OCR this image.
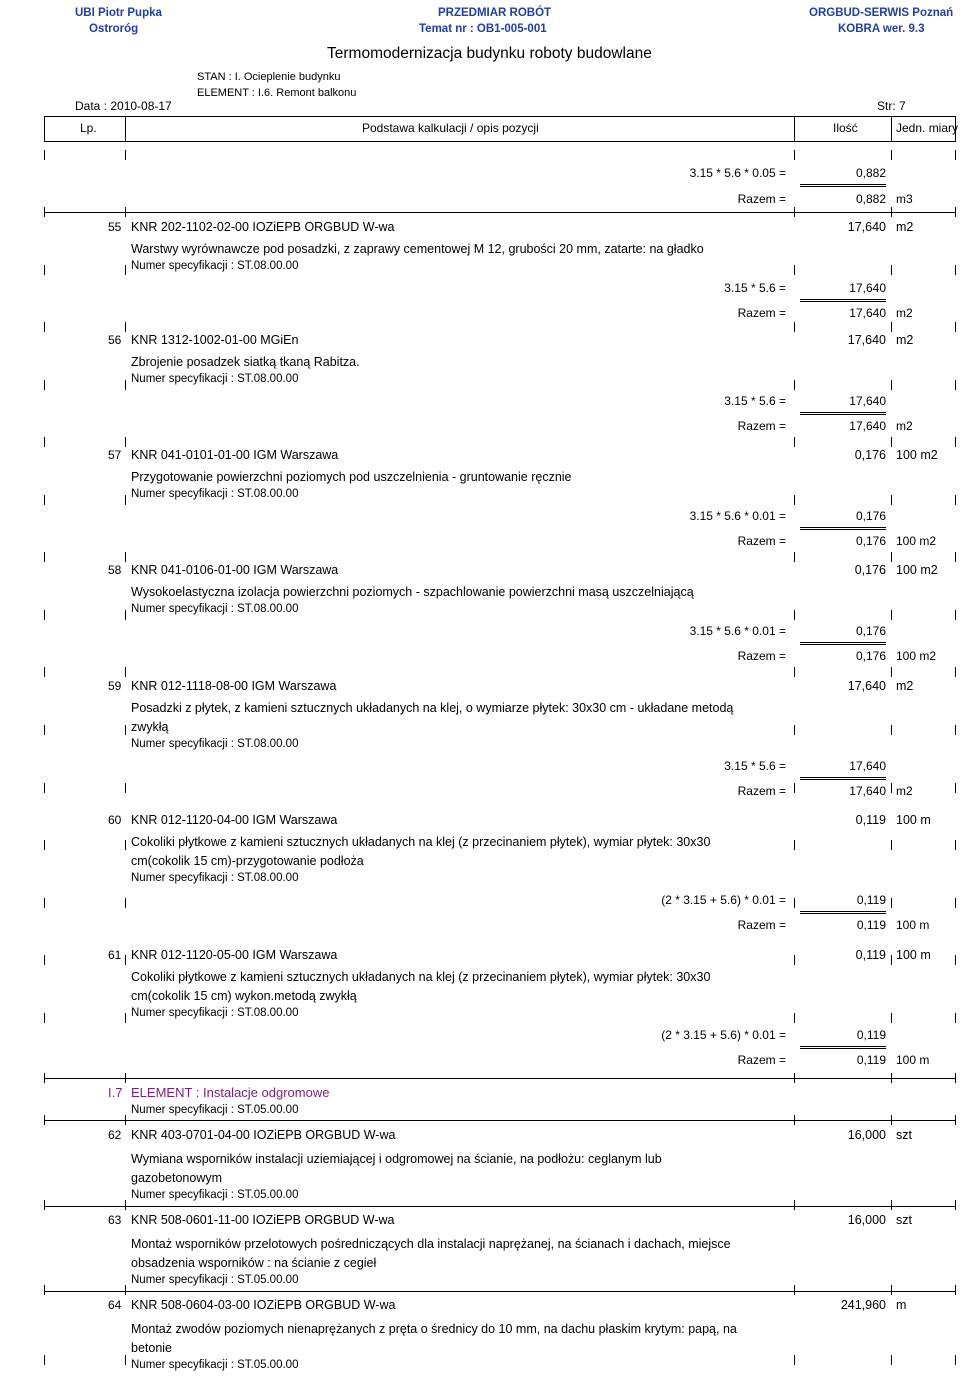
UBI Piotr Pupka
Ostroróg
PRZEDMIAR ROBÓT
Temat nr : OB1-005-001
ORGBUD-SERWIS Poznań
KOBRA wer. 9.3
Termomodernizacja budynku roboty budowlane
STAN : I. Ocieplenie budynku
ELEMENT : I.6. Remont balkonu
Data : 2010-08-17	Str: 7
Lp.	Podstawa kalkulacji / opis pozycji	Ilość	Jedn. miary
3.15 * 5.6 * 0.05 =	0,882
Razem =	0,882 m3
55 KNR 202-1102-02-00 IOZiEPB ORGBUD W-wa	17,640 m2
Warstwy wyrównawcze pod posadzki, z zaprawy cementowej M 12, grubości 20 mm, zatarte: na gładko
Numer specyfikacji : ST.08.00.00
3.15 * 5.6 =	17,640
Razem =	17,640 m2
56 KNR 1312-1002-01-00 MGiEn	17,640 m2
Zbrojenie posadzek siatką tkaną Rabitza.
Numer specyfikacji : ST.08.00.00
3.15 * 5.6 =	17,640
Razem =	17,640 m2
57 KNR 041-0101-01-00 IGM Warszawa	0,176 100 m2
Przygotowanie powierzchni poziomych pod uszczelnienia - gruntowanie ręcznie
Numer specyfikacji : ST.08.00.00
3.15 * 5.6 * 0.01 =	0,176
Razem =	0,176 100 m2
58 KNR 041-0106-01-00 IGM Warszawa	0,176 100 m2
Wysokoelastyczna izolacja powierzchni poziomych - szpachlowanie powierzchni masą uszczelniającą
Numer specyfikacji : ST.08.00.00
3.15 * 5.6 * 0.01 =	0,176
Razem =	0,176 100 m2
59 KNR 012-1118-08-00 IGM Warszawa	17,640 m2
Posadzki z płytek, z kamieni sztucznych układanych na klej, o wymiarze płytek: 30x30 cm - układane metodą
zwykłą
Numer specyfikacji : ST.08.00.00
3.15 * 5.6 =	17,640
Razem =	17,640 m2
60 KNR 012-1120-04-00 IGM Warszawa	0,119 100 m
Cokoliki płytkowe z kamieni sztucznych układanych na klej (z przecinaniem płytek), wymiar płytek: 30x30
cm(cokolik 15 cm)-przygotowanie podłoża
Numer specyfikacji : ST.08.00.00
(2 * 3.15 + 5.6) * 0.01 =	0,119
Razem =	0,119 100 m
61 KNR 012-1120-05-00 IGM Warszawa	0,119 100 m
Cokoliki płytkowe z kamieni sztucznych układanych na klej (z przecinaniem płytek), wymiar płytek: 30x30
cm(cokolik 15 cm) wykon.metodą zwykłą
Numer specyfikacji : ST.08.00.00
(2 * 3.15 + 5.6) * 0.01 =	0,119
Razem =	0,119 100 m
I.7 ELEMENT : Instalacje odgromowe
Numer specyfikacji : ST.05.00.00
62 KNR 403-0701-04-00 IOZiEPB ORGBUD W-wa	16,000 szt
Wymiana wsporników instalacji uziemiającej i odgromowej na ścianie, na podłożu: ceglanym lub
gazobetonowym
Numer specyfikacji : ST.05.00.00
63 KNR 508-0601-11-00 IOZiEPB ORGBUD W-wa	16,000 szt
Montaż wsporników przelotowych pośredniczących dla instalacji naprężanej, na ścianach i dachach, miejsce
obsadzenia wsporników : na ścianie z cegieł
Numer specyfikacji : ST.05.00.00
64 KNR 508-0604-03-00 IOZiEPB ORGBUD W-wa	241,960 m
Montaż zwodów poziomych nienaprężanych z pręta o średnicy do 10 mm, na dachu płaskim krytym: papą, na
betonie
Numer specyfikacji : ST.05.00.00
